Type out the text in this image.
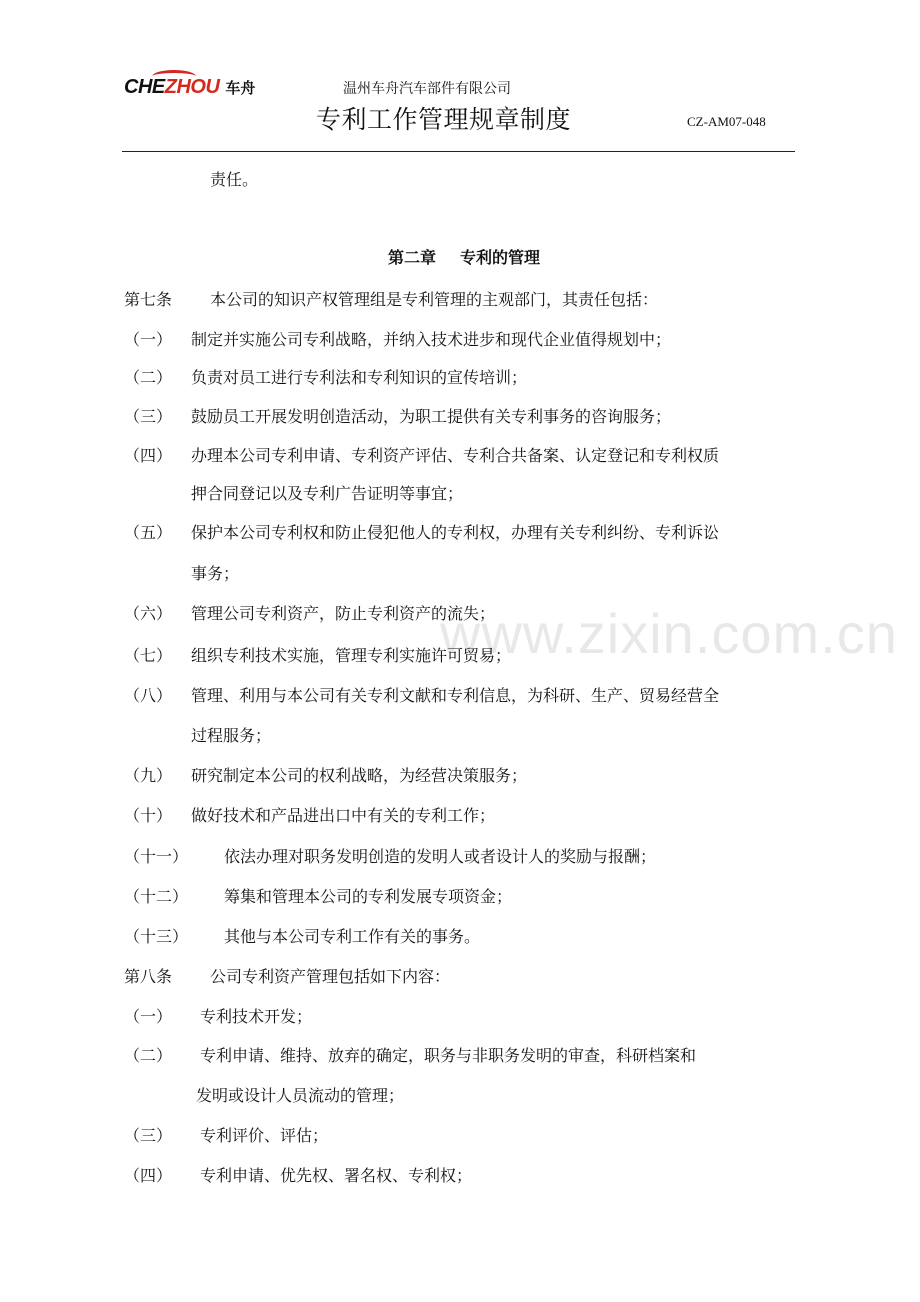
CHEZHOU 车舟	温州车舟汽车部件有限公司
专利工作管理规章制度	CZ-AM07-048
责任。
第二章 专利的管理
第七条 本公司的知识产权管理组是专利管理的主观部门，其责任包括：
（一） 制定并实施公司专利战略，并纳入技术进步和现代企业值得规划中；
（二） 负责对员工进行专利法和专利知识的宣传培训；
（三） 鼓励员工开展发明创造活动，为职工提供有关专利事务的咨询服务；
（四） 办理本公司专利申请、专利资产评估、专利合共备案、认定登记和专利权质
押合同登记以及专利广告证明等事宜；
（五） 保护本公司专利权和防止侵犯他人的专利权，办理有关专利纠纷、专利诉讼
事务；
（六） 管理公司专利资产，防止专利资产的流失；
（七） 组织专利技术实施，管理专利实施许可贸易；
（八） 管理、利用与本公司有关专利文献和专利信息，为科研、生产、贸易经营全
过程服务；
（九） 研究制定本公司的权利战略，为经营决策服务；
（十） 做好技术和产品进出口中有关的专利工作；
（十一） 依法办理对职务发明创造的发明人或者设计人的奖励与报酬；
（十二） 筹集和管理本公司的专利发展专项资金；
（十三） 其他与本公司专利工作有关的事务。
第八条 公司专利资产管理包括如下内容：
（一） 专利技术开发；
（二） 专利申请、维持、放弃的确定，职务与非职务发明的审查，科研档案和
发明或设计人员流动的管理；
（三） 专利评价、评估；
（四） 专利申请、优先权、署名权、专利权；
www.zixin.com.cn
